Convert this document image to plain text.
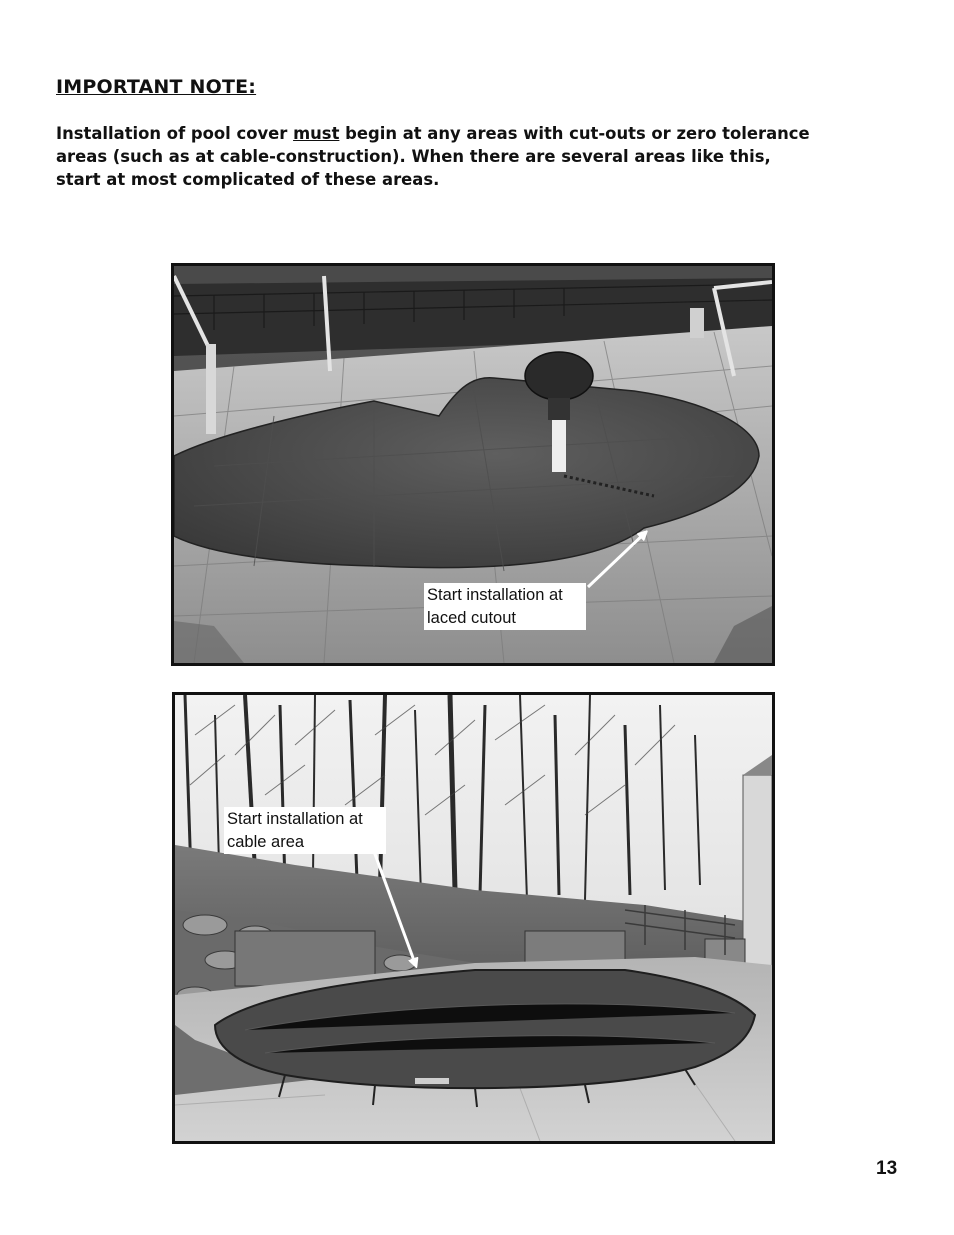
IMPORTANT NOTE:

Installation of pool cover must begin at any areas with cut-outs or zero tolerance
areas (such as at cable-construction). When there are several areas like this,
start at most complicated of these areas.

Start installation at
laced cutout
Start installation at
cable area
13
